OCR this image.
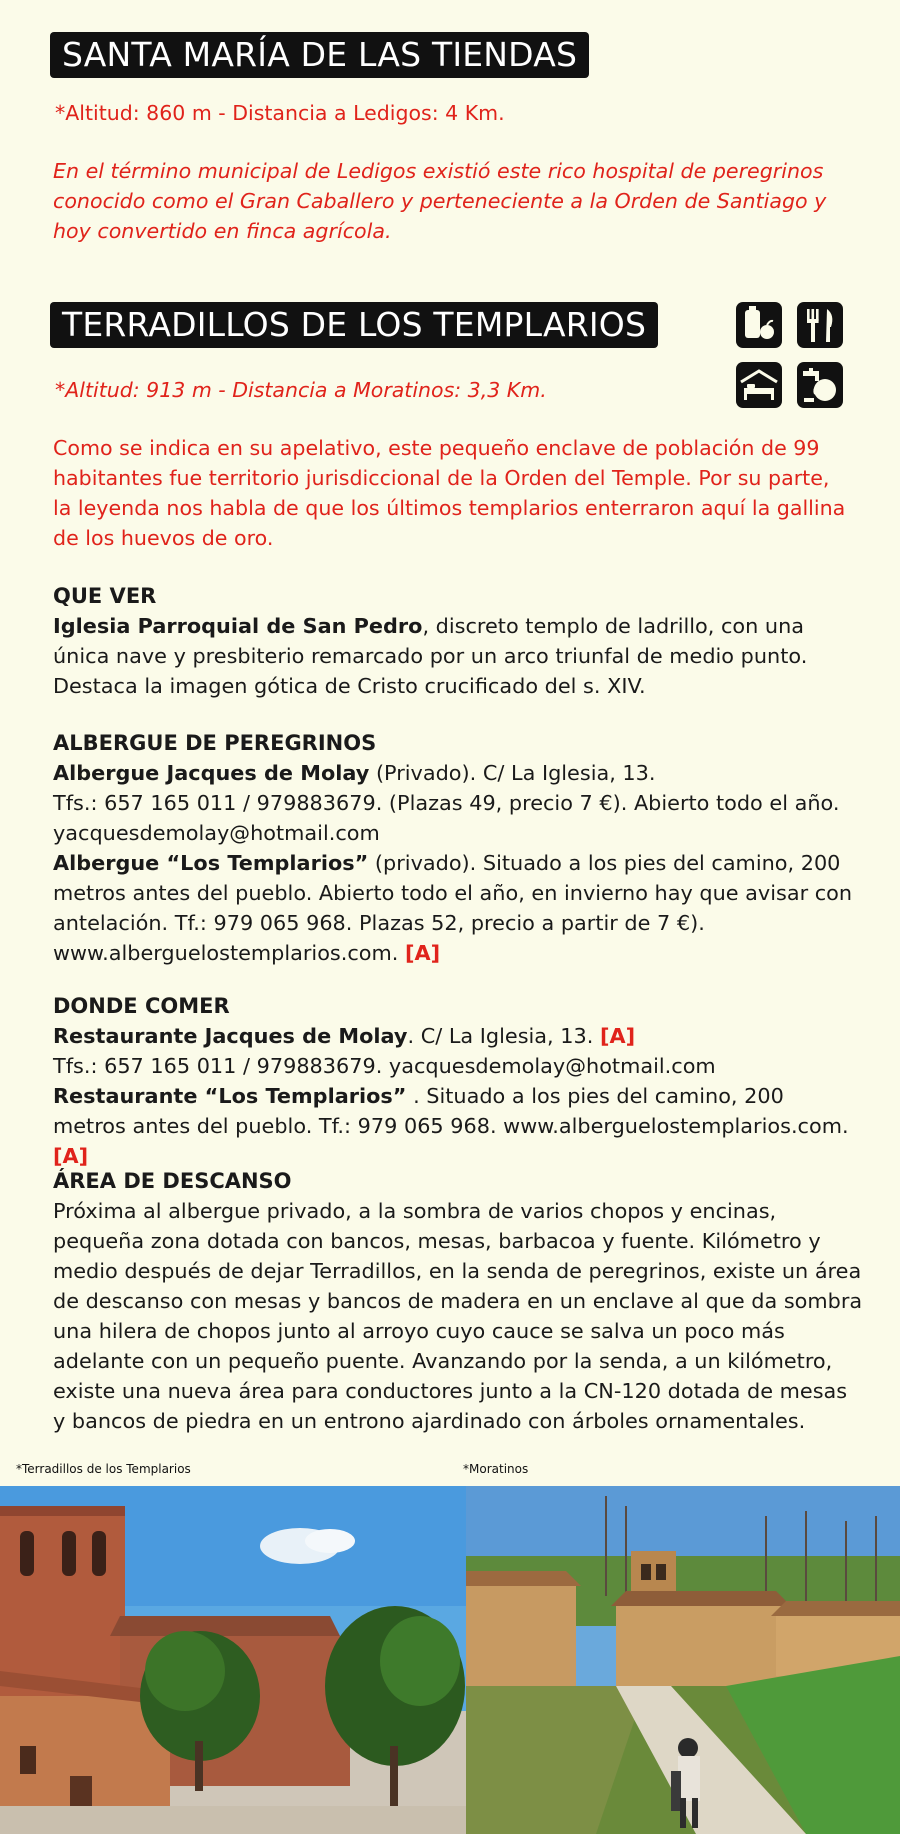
SANTA MARÍA DE LAS TIENDAS
*Altitud: 860 m - Distancia a Ledigos: 4 Km.
En el término municipal de Ledigos existió este rico hospital de peregrinos conocido como el Gran Caballero y perteneciente a la Orden de Santiago y hoy convertido en finca agrícola.
TERRADILLOS DE LOS TEMPLARIOS
*Altitud: 913 m - Distancia a Moratinos: 3,3 Km.
Como se indica en su apelativo, este pequeño enclave de población de 99 habitantes fue territorio jurisdiccional de la Orden del Temple. Por su parte, la leyenda nos habla de que los últimos templarios enterraron aquí la gallina de los huevos de oro.
QUE VER
Iglesia Parroquial de San Pedro, discreto templo de ladrillo, con una única nave y presbiterio remarcado por un arco triunfal de medio punto. Destaca la imagen gótica de Cristo crucificado del s. XIV.
ALBERGUE DE PEREGRINOS
Albergue Jacques de Molay (Privado). C/ La Iglesia, 13.
Tfs.: 657 165 011 / 979883679. (Plazas 49, precio 7 €). Abierto todo el año.
yacquesdemolay@hotmail.com
Albergue “Los Templarios” (privado). Situado a los pies del camino, 200 metros antes del pueblo. Abierto todo el año, en invierno hay que avisar con antelación. Tf.: 979 065 968. Plazas 52, precio a partir de 7 €). www.alberguelostemplarios.com. [A]
DONDE COMER
Restaurante Jacques de Molay. C/ La Iglesia, 13. [A]
Tfs.: 657 165 011 / 979883679. yacquesdemolay@hotmail.com
Restaurante “Los Templarios” . Situado a los pies del camino, 200 metros antes del pueblo. Tf.: 979 065 968. www.alberguelostemplarios.com. [A]
ÁREA DE DESCANSO
Próxima al albergue privado, a la sombra de varios chopos y encinas, pequeña zona dotada con bancos, mesas, barbacoa y fuente. Kilómetro y medio después de dejar Terradillos, en la senda de peregrinos, existe un área de descanso con mesas y bancos de madera en un enclave al que da sombra una hilera de chopos junto al arroyo cuyo cauce se salva un poco más adelante con un pequeño puente. Avanzando por la senda, a un kilómetro, existe una nueva área para conductores junto a la CN-120 dotada de mesas y bancos de piedra en un entrono ajardinado con árboles ornamentales.
*Terradillos de los Templarios	*Moratinos
